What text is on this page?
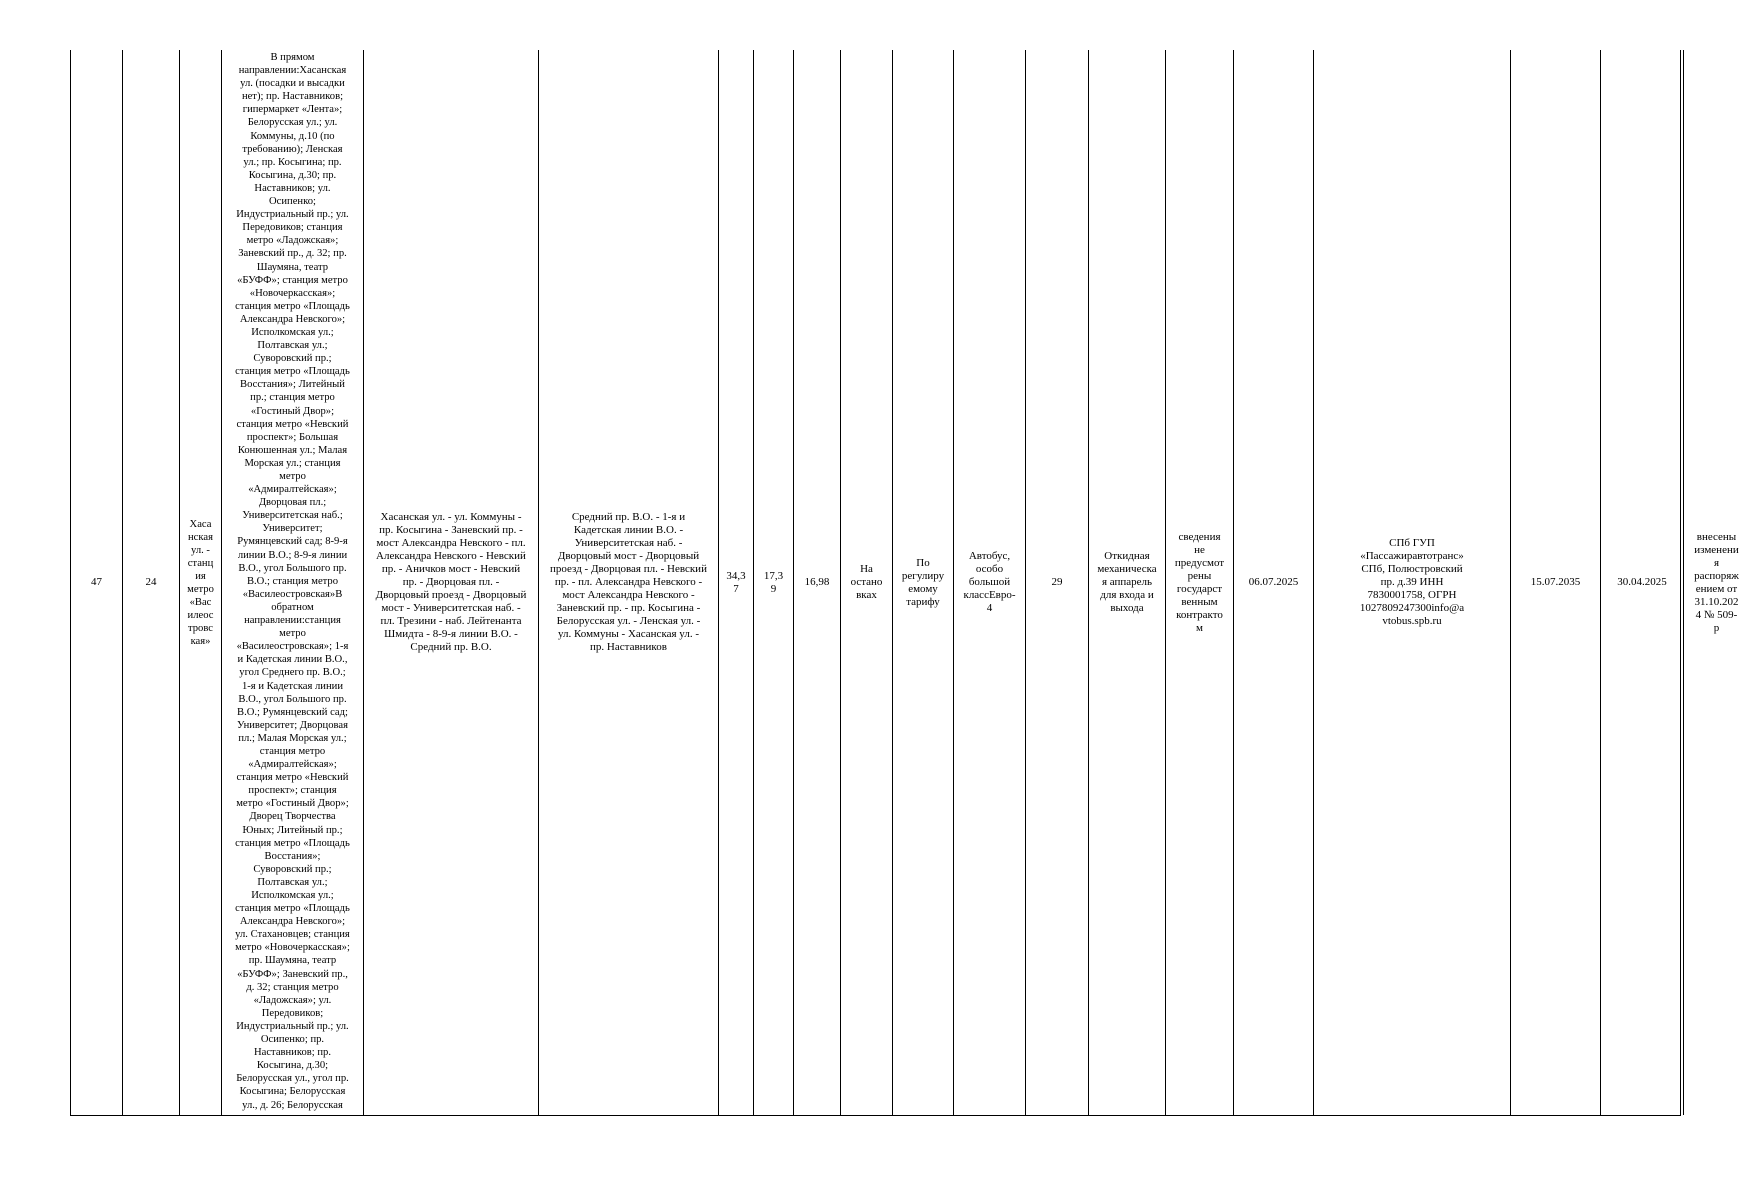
47	24
Хаса
нская
ул. -
станц
ия
метро
«Вас
илеос
тровс
кая»
В прямом
направлении:Хасанская
ул. (посадки и высадки
нет); пр. Наставников;
гипермаркет «Лента»;
Белорусская ул.; ул.
Коммуны, д.10 (по
требованию); Ленская
ул.; пр. Косыгина; пр.
Косыгина, д.30; пр.
Наставников; ул.
Осипенко;
Индустриальный пр.; ул.
Передовиков; станция
метро «Ладожская»;
Заневский пр., д. 32; пр.
Шаумяна, театр
«БУФФ»; станция метро
«Новочеркасская»;
станция метро «Площадь
Александра Невского»;
Исполкомская ул.;
Полтавская ул.;
Суворовский пр.;
станция метро «Площадь
Восстания»; Литейный
пр.; станция метро
«Гостиный Двор»;
станция метро «Невский
проспект»; Большая
Конюшенная ул.; Малая
Морская ул.; станция
метро
«Адмиралтейская»;
Дворцовая пл.;
Университетская наб.;
Университет;
Румянцевский сад; 8-9-я
линии В.О.; 8-9-я линии
В.О., угол Большого пр.
В.О.; станция метро
«Василеостровская»В
обратном
направлении:станция
метро
«Василеостровская»; 1-я
и Кадетская линии В.О.,
угол Среднего пр. В.О.;
1-я и Кадетская линии
В.О., угол Большого пр.
В.О.; Румянцевский сад;
Университет; Дворцовая
пл.; Малая Морская ул.;
станция метро
«Адмиралтейская»;
станция метро «Невский
проспект»; станция
метро «Гостиный Двор»;
Дворец Творчества
Юных; Литейный пр.;
станция метро «Площадь
Восстания»;
Суворовский пр.;
Полтавская ул.;
Исполкомская ул.;
станция метро «Площадь
Александра Невского»;
ул. Стахановцев; станция
метро «Новочеркасская»;
пр. Шаумяна, театр
«БУФФ»; Заневский пр.,
д. 32; станция метро
«Ладожская»; ул.
Передовиков;
Индустриальный пр.; ул.
Осипенко; пр.
Наставников; пр.
Косыгина, д.30;
Белорусская ул., угол пр.
Косыгина; Белорусская
ул., д. 26; Белорусская
Хасанская ул. - ул. Коммуны -
пр. Косыгина - Заневский пр. -
мост Александра Невского - пл.
Александра Невского - Невский
пр. - Аничков мост - Невский
пр. - Дворцовая пл. -
Дворцовый проезд - Дворцовый
мост - Университетская наб. -
пл. Трезини - наб. Лейтенанта
Шмидта - 8-9-я линии В.О. -
Средний пр. В.О.
Средний пр. В.О. - 1-я и
Кадетская линии В.О. -
Университетская наб. -
Дворцовый мост - Дворцовый
проезд - Дворцовая пл. - Невский
пр. - пл. Александра Невского -
мост Александра Невского -
Заневский пр. - пр. Косыгина -
Белорусская ул. - Ленская ул. -
ул. Коммуны - Хасанская ул. -
пр. Наставников
34,3
7
17,3
9
16,98
На
остано
вках
По
регулиру
емому
тарифу
Автобус,
особо
большой
классЕвро-
4
29
Откидная
механическа
я аппарель
для входа и
выхода
сведения
не
предусмот
рены
государст
венным
контракто
м
06.07.2025
СПб ГУП
«Пассажиравтотранс»
СПб, Полюстровский
пр. д.39 ИНН
7830001758, ОГРН
1027809247300info@a
vtobus.spb.ru
15.07.2035	30.04.2025
внесены
изменени
я
распоряж
ением от
31.10.202
4 № 509-
р
